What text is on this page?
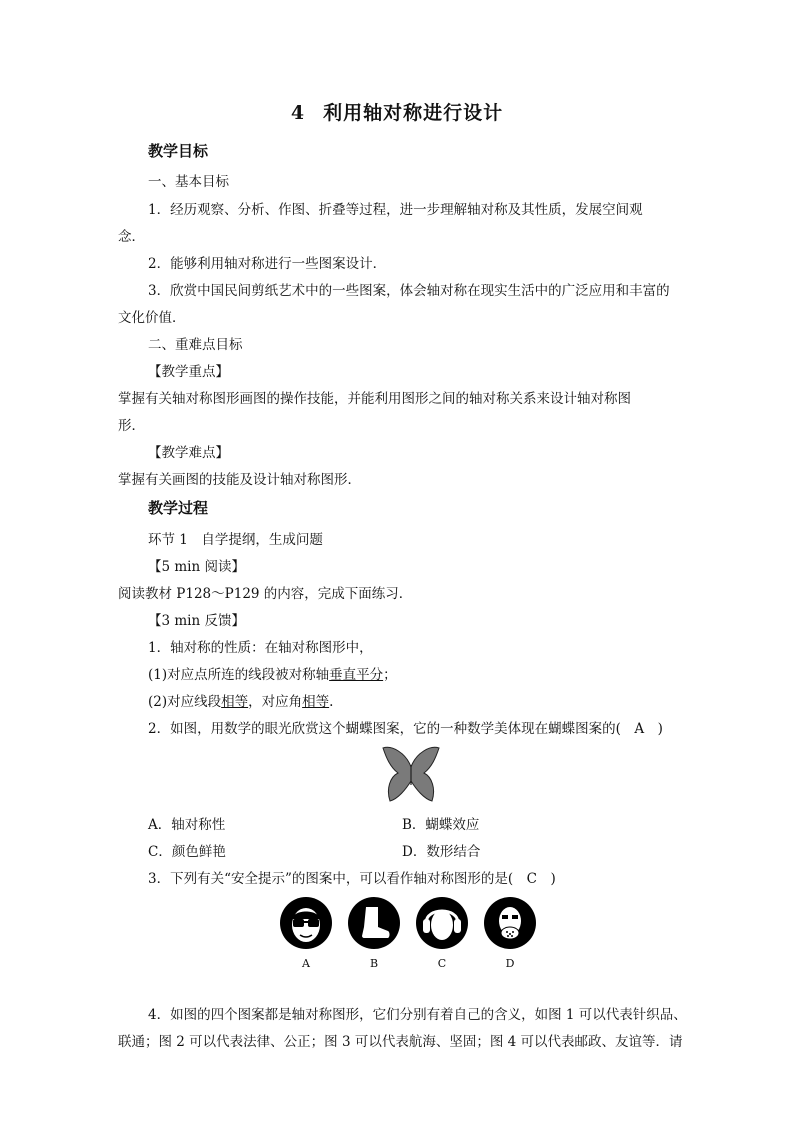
4 利用轴对称进行设计
教学目标
一、基本目标
1．经历观察、分析、作图、折叠等过程，进一步理解轴对称及其性质，发展空间观
念．
2．能够利用轴对称进行一些图案设计．
3．欣赏中国民间剪纸艺术中的一些图案，体会轴对称在现实生活中的广泛应用和丰富的
文化价值．
二、重难点目标
【教学重点】
掌握有关轴对称图形画图的操作技能，并能利用图形之间的轴对称关系来设计轴对称图
形．
【教学难点】
掌握有关画图的技能及设计轴对称图形．
教学过程
环节 1　自学提纲，生成问题
【5 min 阅读】
阅读教材 P128～P129 的内容，完成下面练习．
【3 min 反馈】
1．轴对称的性质：在轴对称图形中，
(1)对应点所连的线段被对称轴垂直平分；
(2)对应线段相等，对应角相等.
2．如图，用数学的眼光欣赏这个蝴蝶图案，它的一种数学美体现在蝴蝶图案的(　A　)
A．轴对称性	B．蝴蝶效应
C．颜色鲜艳	D．数形结合
3．下列有关“安全提示”的图案中，可以看作轴对称图形的是(　C　)
A	B	C	D
4．如图的四个图案都是轴对称图形，它们分别有着自己的含义，如图 1 可以代表针织品、
联通；图 2 可以代表法律、公正；图 3 可以代表航海、坚固；图 4 可以代表邮政、友谊等．请
